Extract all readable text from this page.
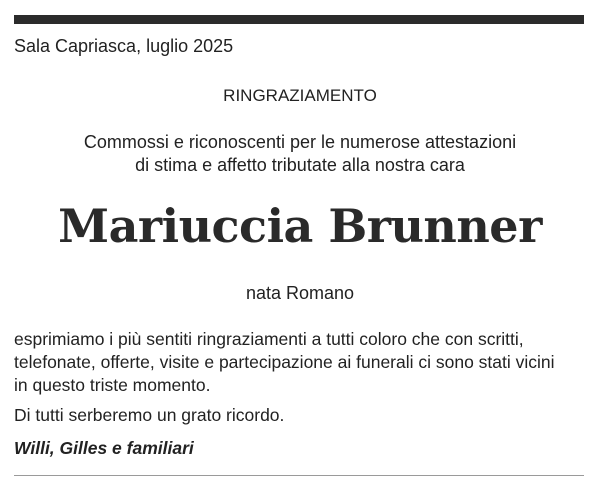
Sala Capriasca, luglio 2025
RINGRAZIAMENTO
Commossi e riconoscenti per le numerose attestazioni
di stima e affetto tributate alla nostra cara
Mariuccia Brunner
nata Romano
esprimiamo i più sentiti ringraziamenti a tutti coloro che con scritti,
telefonate, offerte, visite e partecipazione ai funerali ci sono stati vicini
in questo triste momento.
Di tutti serberemo un grato ricordo.
Willi, Gilles e familiari
